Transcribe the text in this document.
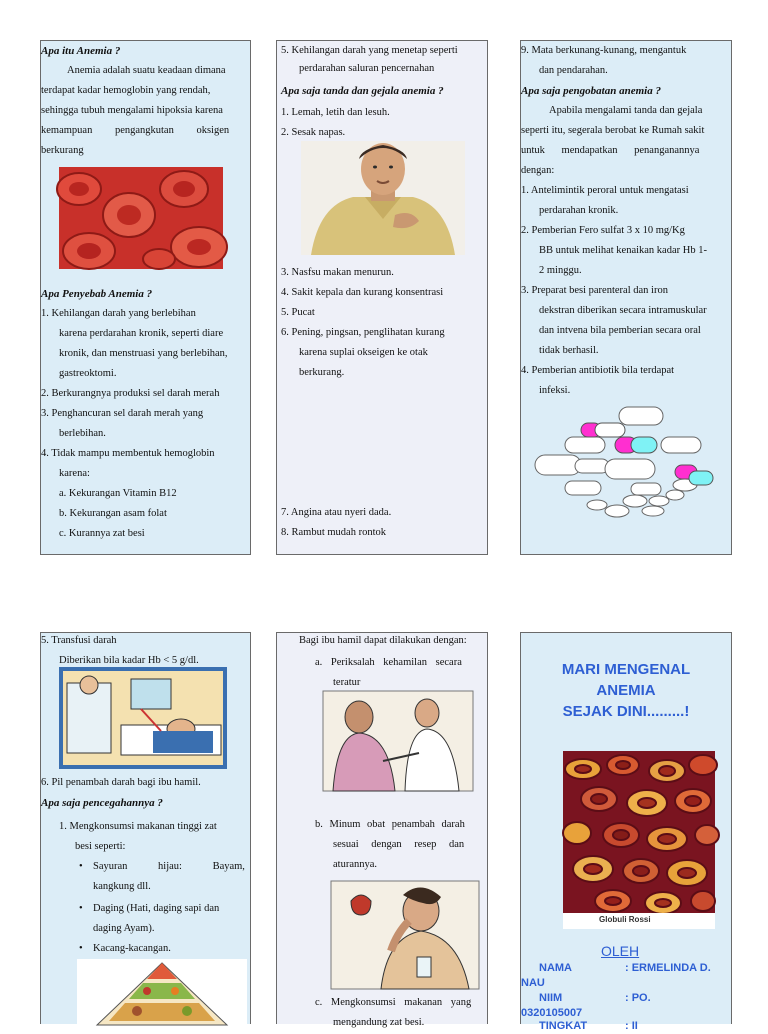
Apa itu Anemia ?
Anemia adalah suatu keadaan dimana
terdapat kadar hemoglobin yang rendah,
sehingga tubuh mengalami hipoksia karena
kemampuan pengangkutan oksigen
berkurang
Apa Penyebab Anemia ?
1. Kehilangan darah yang berlebihan
karena perdarahan kronik, seperti diare
kronik, dan menstruasi yang berlebihan,
gastreoktomi.
2. Berkurangnya produksi sel darah merah
3. Penghancuran sel darah merah yang
berlebihan.
4. Tidak mampu membentuk hemoglobin
karena:
a. Kekurangan Vitamin B12
b. Kekurangan asam folat
c. Kurannya zat besi
5. Kehilangan darah yang menetap seperti
perdarahan saluran pencernahan
Apa saja tanda dan gejala anemia ?
1. Lemah, letih dan lesuh.
2. Sesak napas.
3. Nasfsu makan menurun.
4. Sakit kepala dan kurang konsentrasi
5. Pucat
6. Pening, pingsan, penglihatan kurang
karena suplai okseigen ke otak
berkurang.
7. Angina atau nyeri dada.
8. Rambut mudah rontok
9. Mata berkunang-kunang, mengantuk
dan pendarahan.
Apa saja pengobatan anemia ?
Apabila mengalami tanda dan gejala
seperti itu, segerala berobat ke Rumah sakit
untuk mendapatkan penanganannya
dengan:
1. Antelimintik peroral untuk mengatasi
perdarahan kronik.
2. Pemberian Fero sulfat 3 x 10 mg/Kg
BB untuk melihat kenaikan kadar Hb 1-
2 minggu.
3. Preparat besi parenteral dan iron
dekstran diberikan secara intramuskular
dan intvena bila pemberian secara oral
tidak berhasil.
4. Pemberian antibiotik bila terdapat
infeksi.
5. Transfusi darah
Diberikan bila kadar Hb < 5 g/dl.
6. Pil penambah darah bagi ibu hamil.
Apa saja pencegahannya ?
1. Mengkonsumsi makanan tinggi zat
besi seperti:
• Sayuran hijau: Bayam,
kangkung dll.
• Daging (Hati, daging sapi dan
daging Ayam).
• Kacang-kacangan.
Bagi ibu hamil dapat dilakukan dengan:
a. Periksalah kehamilan secara
teratur
b. Minum obat penambah darah
sesuai dengan resep dan
aturannya.
c. Mengkonsumsi makanan yang
mengandung zat besi.
MARI MENGENAL
ANEMIA
SEJAK DINI.........!
Globuli Rossi
OLEH
NAMA	: ERMELINDA D.
NAU
NIIM	: PO.
0320105007
TINGKAT	: II
